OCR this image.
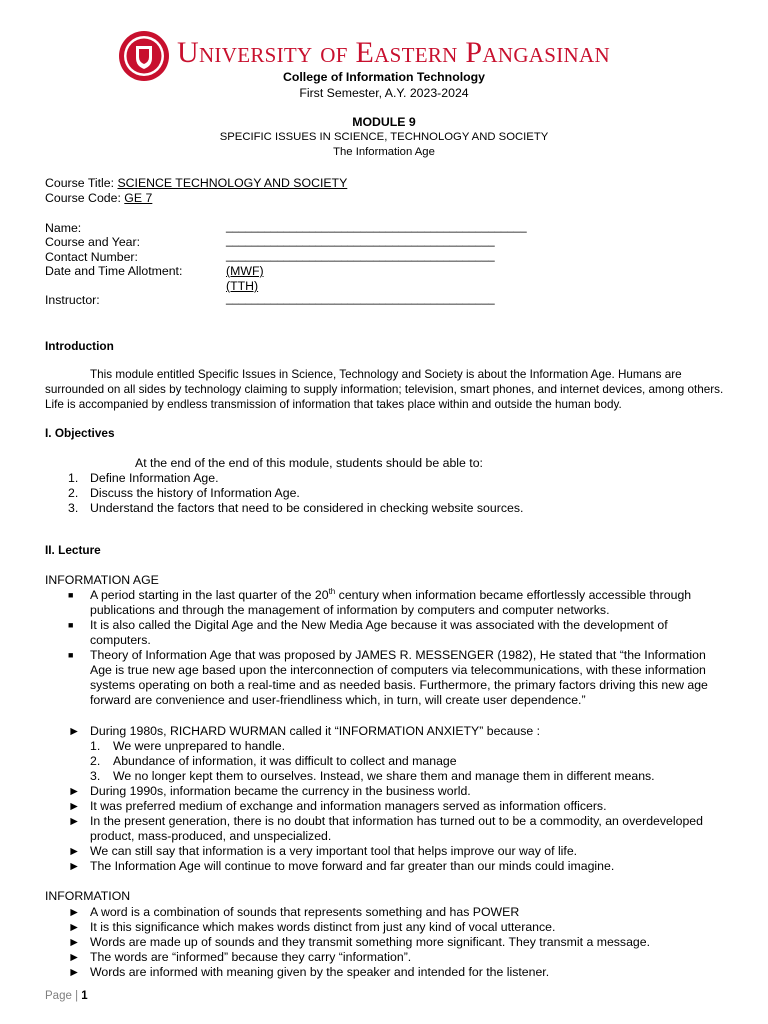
University of Eastern Pangasinan
College of Information Technology
First Semester, A.Y. 2023-2024
MODULE 9
SPECIFIC ISSUES IN SCIENCE, TECHNOLOGY AND SOCIETY
The Information Age
Course Title: SCIENCE TECHNOLOGY AND SOCIETY
Course Code: GE 7
Name:	_______________________________________________
Course and Year:	__________________________________________
Contact Number:	__________________________________________
Date and Time Allotment:	(MWF)
(TTH)
Instructor:	__________________________________________
Introduction
This module entitled Specific Issues in Science, Technology and Society is about the Information Age. Humans are surrounded on all sides by technology claiming to supply information; television, smart phones, and internet devices, among others. Life is accompanied by endless transmission of information that takes place within and outside the human body.
I. Objectives
At the end of the end of this module, students should be able to:
1. Define Information Age.
2. Discuss the history of Information Age.
3. Understand the factors that need to be considered in checking website sources.
II. Lecture
INFORMATION AGE
■ A period starting in the last quarter of the 20th century when information became effortlessly accessible through publications and through the management of information by computers and computer networks.
■ It is also called the Digital Age and the New Media Age because it was associated with the development of computers.
■ Theory of Information Age that was proposed by JAMES R. MESSENGER (1982), He stated that “the Information Age is true new age based upon the interconnection of computers via telecommunications, with these information systems operating on both a real-time and as needed basis. Furthermore, the primary factors driving this new age forward are convenience and user-friendliness which, in turn, will create user dependence.”
► During 1980s, RICHARD WURMAN called it “INFORMATION ANXIETY” because :
1. We were unprepared to handle.
2. Abundance of information, it was difficult to collect and manage
3. We no longer kept them to ourselves. Instead, we share them and manage them in different means.
► During 1990s, information became the currency in the business world.
► It was preferred medium of exchange and information managers served as information officers.
► In the present generation, there is no doubt that information has turned out to be a commodity, an overdeveloped product, mass-produced, and unspecialized.
► We can still say that information is a very important tool that helps improve our way of life.
► The Information Age will continue to move forward and far greater than our minds could imagine.
INFORMATION
► A word is a combination of sounds that represents something and has POWER
► It is this significance which makes words distinct from just any kind of vocal utterance.
► Words are made up of sounds and they transmit something more significant. They transmit a message.
► The words are “informed” because they carry “information”.
► Words are informed with meaning given by the speaker and intended for the listener.
Page | 1
